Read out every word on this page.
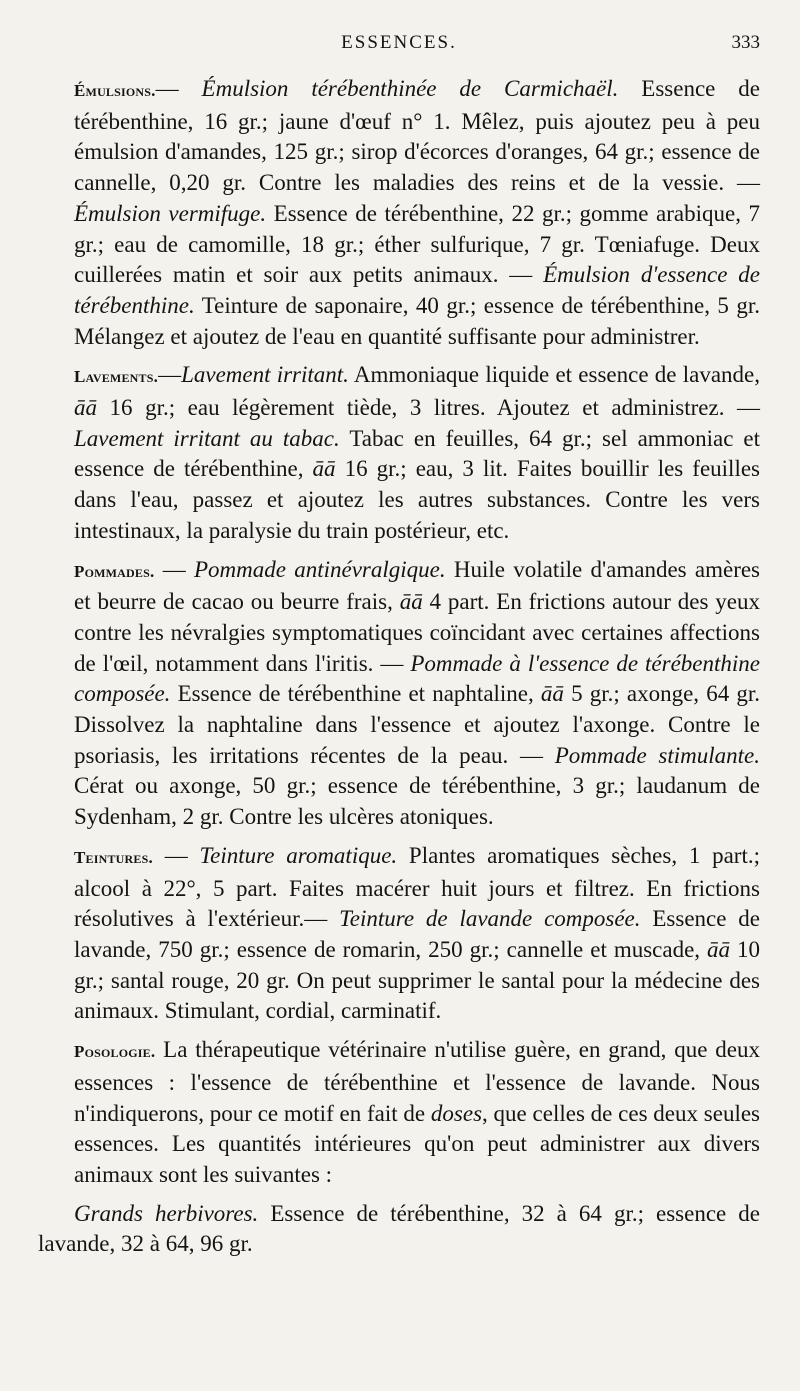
ESSENCES.	333

Émulsions.— Émulsion térébenthinée de Carmichaël. Essence de térébenthine, 16 gr.; jaune d'œuf n° 1. Mêlez, puis ajoutez peu à peu émulsion d'amandes, 125 gr.; sirop d'écorces d'oranges, 64 gr.; essence de cannelle, 0,20 gr. Contre les maladies des reins et de la vessie. — Émulsion vermifuge. Essence de térébenthine, 22 gr.; gomme arabique, 7 gr.; eau de camomille, 18 gr.; éther sulfurique, 7 gr. Tœniafuge. Deux cuillerées matin et soir aux petits animaux. — Émulsion d'essence de térébenthine. Teinture de saponaire, 40 gr.; essence de térébenthine, 5 gr. Mélangez et ajoutez de l'eau en quantité suffisante pour administrer.

Lavements.—Lavement irritant. Ammoniaque liquide et essence de lavande, āā 16 gr.; eau légèrement tiède, 3 litres. Ajoutez et administrez. — Lavement irritant au tabac. Tabac en feuilles, 64 gr.; sel ammoniac et essence de térébenthine, āā 16 gr.; eau, 3 lit. Faites bouillir les feuilles dans l'eau, passez et ajoutez les autres substances. Contre les vers intestinaux, la paralysie du train postérieur, etc.

Pommades. — Pommade antinévralgique. Huile volatile d'amandes amères et beurre de cacao ou beurre frais, āā 4 part. En frictions autour des yeux contre les névralgies symptomatiques coïncidant avec certaines affections de l'œil, notamment dans l'iritis. — Pommade à l'essence de térébenthine composée. Essence de térébenthine et naphtaline, āā 5 gr.; axonge, 64 gr. Dissolvez la naphtaline dans l'essence et ajoutez l'axonge. Contre le psoriasis, les irritations récentes de la peau. — Pommade stimulante. Cérat ou axonge, 50 gr.; essence de térébenthine, 3 gr.; laudanum de Sydenham, 2 gr. Contre les ulcères atoniques.

Teintures. — Teinture aromatique. Plantes aromatiques sèches, 1 part.; alcool à 22°, 5 part. Faites macérer huit jours et filtrez. En frictions résolutives à l'extérieur.— Teinture de lavande composée. Essence de lavande, 750 gr.; essence de romarin, 250 gr.; cannelle et muscade, āā 10 gr.; santal rouge, 20 gr. On peut supprimer le santal pour la médecine des animaux. Stimulant, cordial, carminatif.

Posologie. La thérapeutique vétérinaire n'utilise guère, en grand, que deux essences : l'essence de térébenthine et l'essence de lavande. Nous n'indiquerons, pour ce motif en fait de doses, que celles de ces deux seules essences. Les quantités intérieures qu'on peut administrer aux divers animaux sont les suivantes :

Grands herbivores. Essence de térébenthine, 32 à 64 gr.; essence de lavande, 32 à 64, 96 gr.
